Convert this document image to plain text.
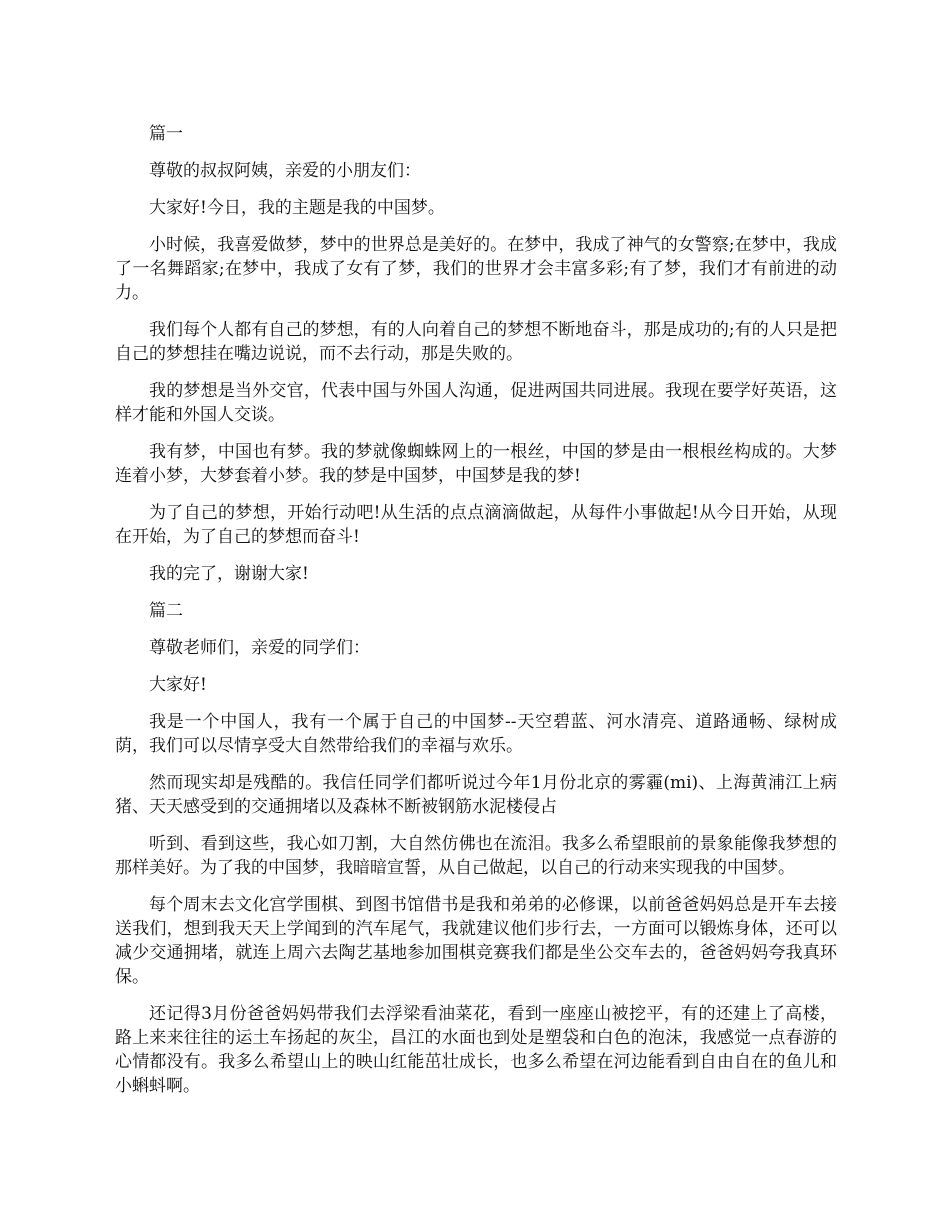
篇一

尊敬的叔叔阿姨，亲爱的小朋友们：

大家好!今日，我的主题是我的中国梦。

小时候，我喜爱做梦，梦中的世界总是美好的。在梦中，我成了神气的女警察;在梦中，我成了一名舞蹈家;在梦中，我成了女有了梦，我们的世界才会丰富多彩;有了梦，我们才有前进的动力。

我们每个人都有自己的梦想，有的人向着自己的梦想不断地奋斗，那是成功的;有的人只是把自己的梦想挂在嘴边说说，而不去行动，那是失败的。

我的梦想是当外交官，代表中国与外国人沟通，促进两国共同进展。我现在要学好英语，这样才能和外国人交谈。

我有梦，中国也有梦。我的梦就像蜘蛛网上的一根丝，中国的梦是由一根根丝构成的。大梦连着小梦，大梦套着小梦。我的梦是中国梦，中国梦是我的梦!

为了自己的梦想，开始行动吧!从生活的点点滴滴做起，从每件小事做起!从今日开始，从现在开始，为了自己的梦想而奋斗!

我的完了，谢谢大家!

篇二

尊敬老师们，亲爱的同学们：

大家好!

我是一个中国人，我有一个属于自己的中国梦--天空碧蓝、河水清亮、道路通畅、绿树成荫，我们可以尽情享受大自然带给我们的幸福与欢乐。

然而现实却是残酷的。我信任同学们都听说过今年1月份北京的雾霾(mi)、上海黄浦江上病猪、天天感受到的交通拥堵以及森林不断被钢筋水泥楼侵占

听到、看到这些，我心如刀割，大自然仿佛也在流泪。我多么希望眼前的景象能像我梦想的那样美好。为了我的中国梦，我暗暗宣誓，从自己做起，以自己的行动来实现我的中国梦。

每个周末去文化宫学围棋、到图书馆借书是我和弟弟的必修课，以前爸爸妈妈总是开车去接送我们，想到我天天上学闻到的汽车尾气，我就建议他们步行去，一方面可以锻炼身体，还可以减少交通拥堵，就连上周六去陶艺基地参加围棋竞赛我们都是坐公交车去的，爸爸妈妈夸我真环保。

还记得3月份爸爸妈妈带我们去浮梁看油菜花，看到一座座山被挖平，有的还建上了高楼，路上来来往往的运土车扬起的灰尘，昌江的水面也到处是塑袋和白色的泡沫，我感觉一点春游的心情都没有。我多么希望山上的映山红能茁壮成长，也多么希望在河边能看到自由自在的鱼儿和小蝌蚪啊。
